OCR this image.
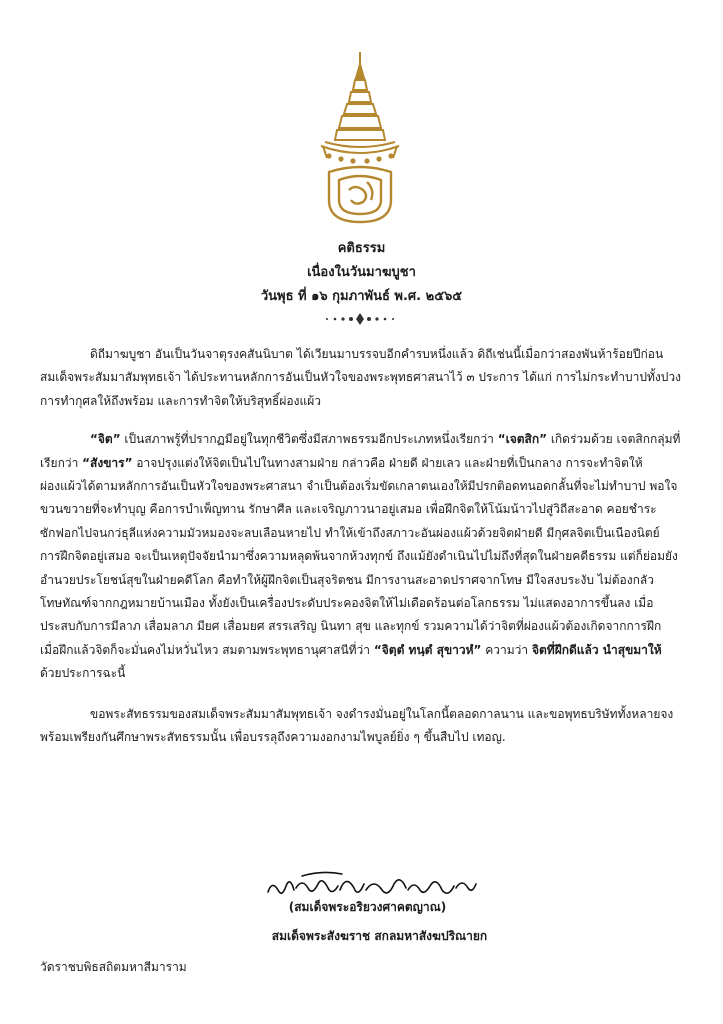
คติธรรม
เนื่องในวันมาฆบูชา
วันพุธ ที่ ๑๖ กุมภาพันธ์ พ.ศ. ๒๕๖๕

ดิถีมาฆบูชา อันเป็นวันจาตุรงคสันนิบาต ได้เวียนมาบรรจบอีกคำรบหนึ่งแล้ว ดิถีเช่นนี้เมื่อกว่าสองพันห้าร้อยปีก่อน สมเด็จพระสัมมาสัมพุทธเจ้า ได้ประทานหลักการอันเป็นหัวใจของพระพุทธศาสนาไว้ ๓ ประการ ได้แก่ การไม่กระทำบาปทั้งปวง การทำกุศลให้ถึงพร้อม และการทำจิตให้บริสุทธิ์ผ่องแผ้ว

“จิต” เป็นสภาพรู้ที่ปรากฏมีอยู่ในทุกชีวิตซึ่งมีสภาพธรรมอีกประเภทหนึ่งเรียกว่า “เจตสิก” เกิดร่วมด้วย เจตสิกกลุ่มที่เรียกว่า “สังขาร” อาจปรุงแต่งให้จิตเป็นไปในทางสามฝ่าย กล่าวคือ ฝ่ายดี ฝ่ายเลว และฝ่ายที่เป็นกลาง การจะทำจิตให้ผ่องแผ้วได้ตามหลักการอันเป็นหัวใจของพระศาสนา จำเป็นต้องเริ่มขัดเกลาตนเองให้มีปรกติอดทนอดกลั้นที่จะไม่ทำบาป พอใจขวนขวายที่จะทำบุญ คือการบำเพ็ญทาน รักษาศีล และเจริญภาวนาอยู่เสมอ เพื่อฝึกจิตให้โน้มน้าวไปสู่วิถีสะอาด คอยชำระซักฟอกไปจนกว่ธุลีแห่งความมัวหมองจะลบเลือนหายไป ทำให้เข้าถึงสภาวะอันผ่องแผ้วด้วยจิตฝ่ายดี มีกุศลจิตเป็นเนืองนิตย์ การฝึกจิตอยู่เสมอ จะเป็นเหตุปัจจัยนำมาซึ่งความหลุดพ้นจากห้วงทุกข์ ถึงแม้ยังดำเนินไปไม่ถึงที่สุดในฝ่ายคดีธรรม แต่ก็ย่อมยังอำนวยประโยชน์สุขในฝ่ายคดีโลก คือทำให้ผู้ฝึกจิตเป็นสุจริตชน มีการงานสะอาดปราศจากโทษ มีใจสงบระงับ ไม่ต้องกลัวโทษทัณฑ์จากกฎหมายบ้านเมือง ทั้งยังเป็นเครื่องประดับประคองจิตให้ไม่เดือดร้อนต่อโลกธรรม ไม่แสดงอาการขึ้นลง เมื่อประสบกับการมีลาภ เสื่อมลาภ มียศ เสื่อมยศ สรรเสริญ นินทา สุข และทุกข์ รวมความได้ว่าจิตที่ผ่องแผ้วต้องเกิดจากการฝึก เมื่อฝึกแล้วจิตก็จะมั่นคงไม่หวั่นไหว สมตามพระพุทธานุศาสนีที่ว่า “จิตฺตํ ทนฺตํ สุขาวหํ” ความว่า จิตที่ฝึกดีแล้ว นำสุขมาให้ ด้วยประการฉะนี้

ขอพระสัทธรรมของสมเด็จพระสัมมาสัมพุทธเจ้า จงดำรงมั่นอยู่ในโลกนี้ตลอดกาลนาน และขอพุทธบริษัททั้งหลายจงพร้อมเพรียงกันศึกษาพระสัทธรรมนั้น เพื่อบรรลุถึงความงอกงามไพบูลย์ยิ่ง ๆ ขึ้นสืบไป เทอญ.

(สมเด็จพระอริยวงศาคตญาณ)
สมเด็จพระสังฆราช สกลมหาสังฆปริณายก
วัดราชบพิธสถิตมหาสีมาราม
